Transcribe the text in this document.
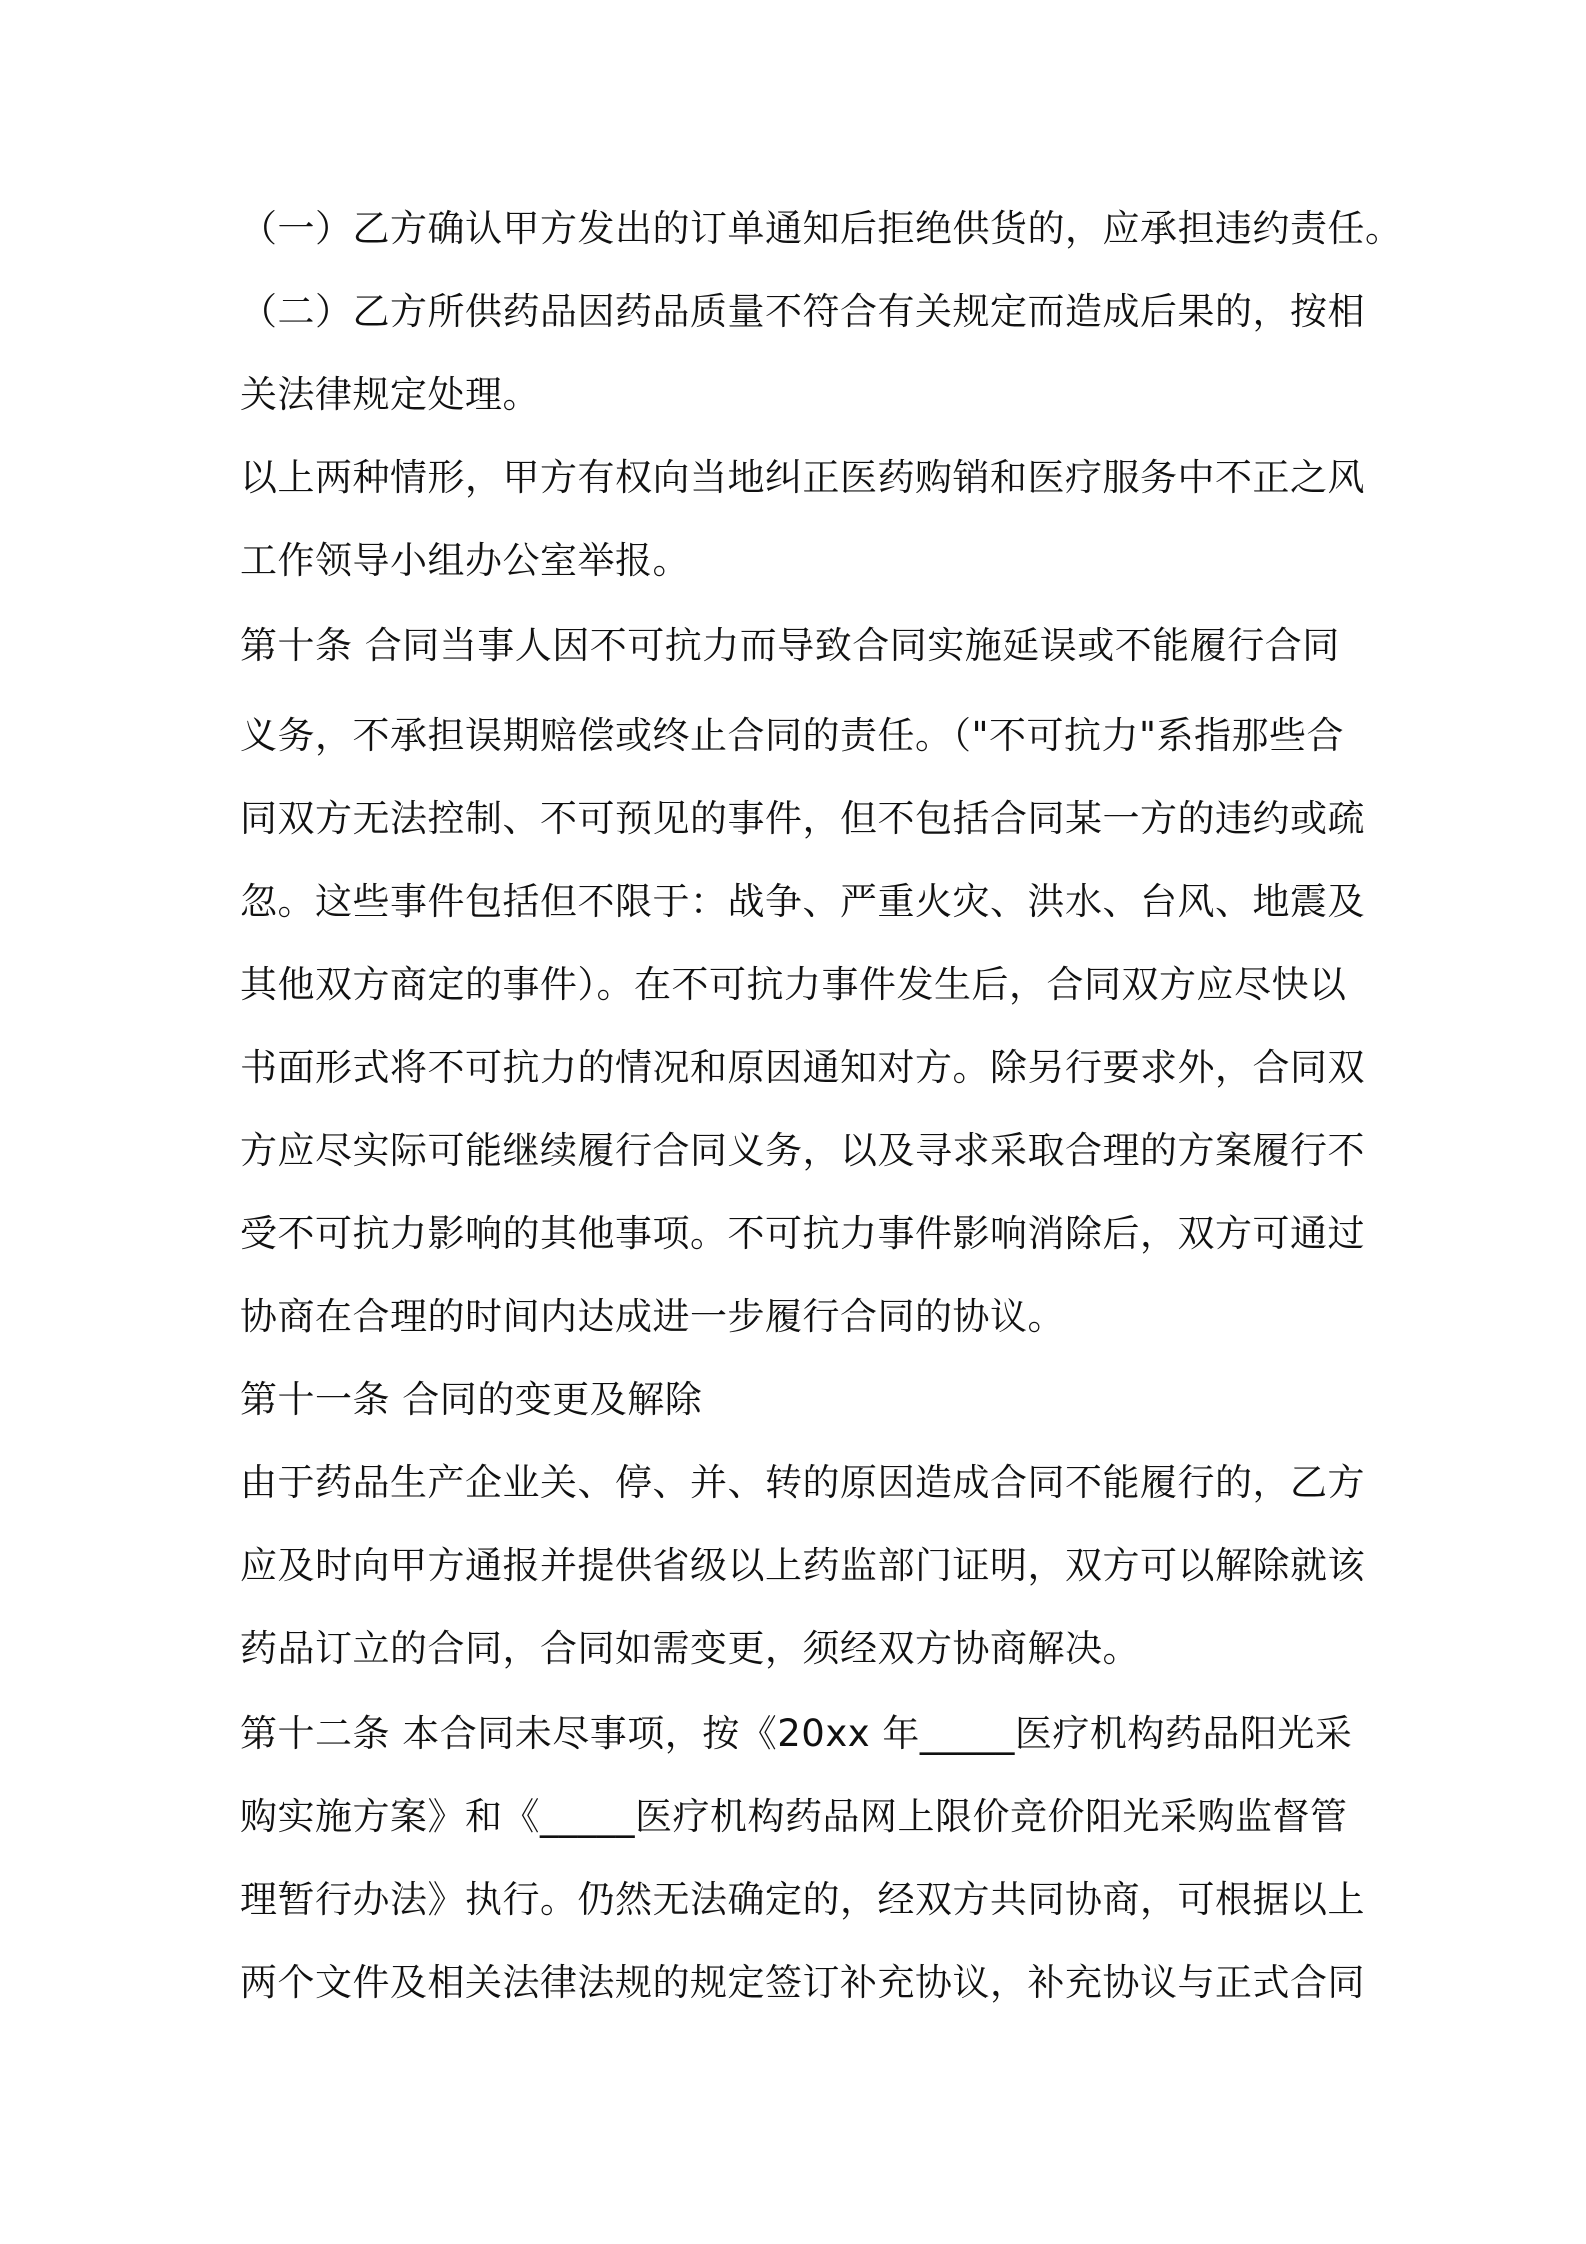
（一）乙方确认甲方发出的订单通知后拒绝供货的，应承担违约责任。
（二）乙方所供药品因药品质量不符合有关规定而造成后果的，按相
关法律规定处理。
以上两种情形，甲方有权向当地纠正医药购销和医疗服务中不正之风
工作领导小组办公室举报。
第十条 合同当事人因不可抗力而导致合同实施延误或不能履行合同
义务，不承担误期赔偿或终止合同的责任。（"不可抗力"系指那些合
同双方无法控制、不可预见的事件，但不包括合同某一方的违约或疏
忽。这些事件包括但不限于：战争、严重火灾、洪水、台风、地震及
其他双方商定的事件）。在不可抗力事件发生后，合同双方应尽快以
书面形式将不可抗力的情况和原因通知对方。除另行要求外，合同双
方应尽实际可能继续履行合同义务，以及寻求采取合理的方案履行不
受不可抗力影响的其他事项。不可抗力事件影响消除后，双方可通过
协商在合理的时间内达成进一步履行合同的协议。
第十一条 合同的变更及解除
由于药品生产企业关、停、并、转的原因造成合同不能履行的，乙方
应及时向甲方通报并提供省级以上药监部门证明，双方可以解除就该
药品订立的合同，合同如需变更，须经双方协商解决。
第十二条 本合同未尽事项，按《20xx 年_____医疗机构药品阳光采
购实施方案》和《_____医疗机构药品网上限价竞价阳光采购监督管
理暂行办法》执行。仍然无法确定的，经双方共同协商，可根据以上
两个文件及相关法律法规的规定签订补充协议，补充协议与正式合同
